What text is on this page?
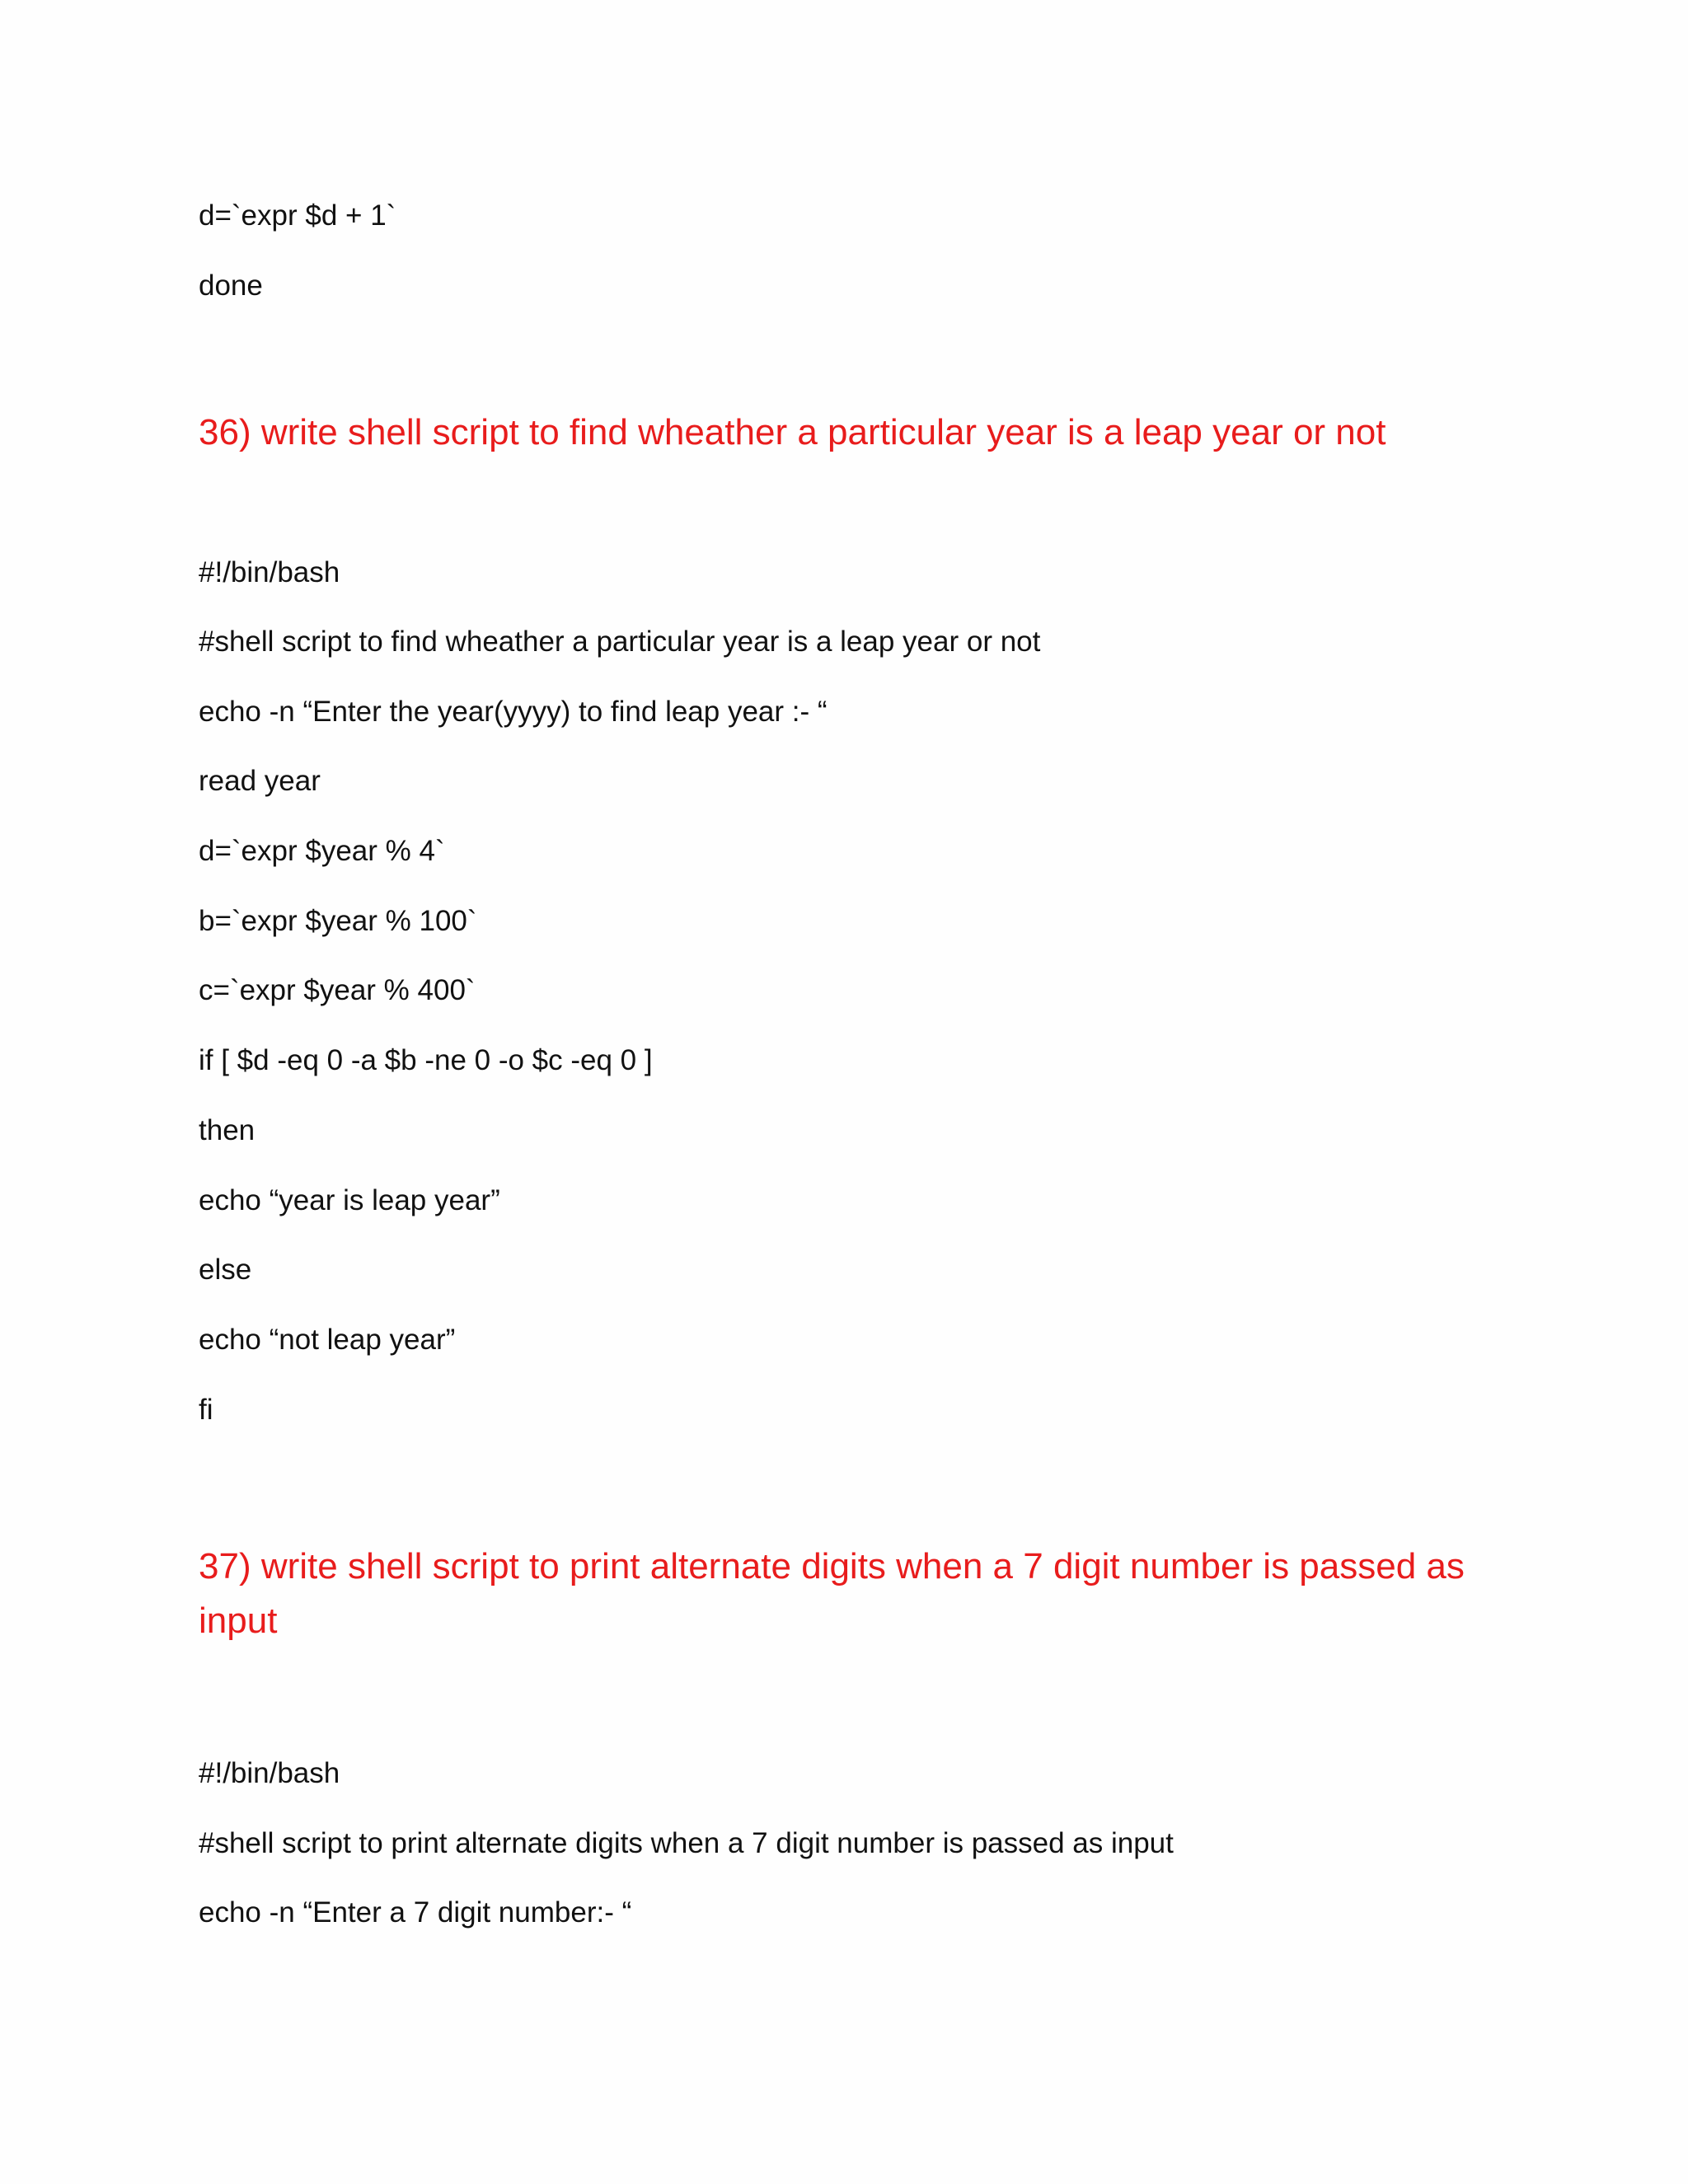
d=`expr $d + 1`

done

36) write shell script to find wheather a particular year is a leap year or not

#!/bin/bash

#shell script to find wheather a particular year is a leap year or not

echo -n “Enter the year(yyyy) to find leap year :- “

read year

d=`expr $year % 4`

b=`expr $year % 100`

c=`expr $year % 400`

if [ $d -eq 0 -a $b -ne 0 -o $c -eq 0 ]

then

echo “year is leap year”

else

echo “not leap year”

fi

37) write shell script to print alternate digits when a 7 digit number is passed as input

#!/bin/bash

#shell script to print alternate digits when a 7 digit number is passed as input

echo -n “Enter a 7 digit number:- “
